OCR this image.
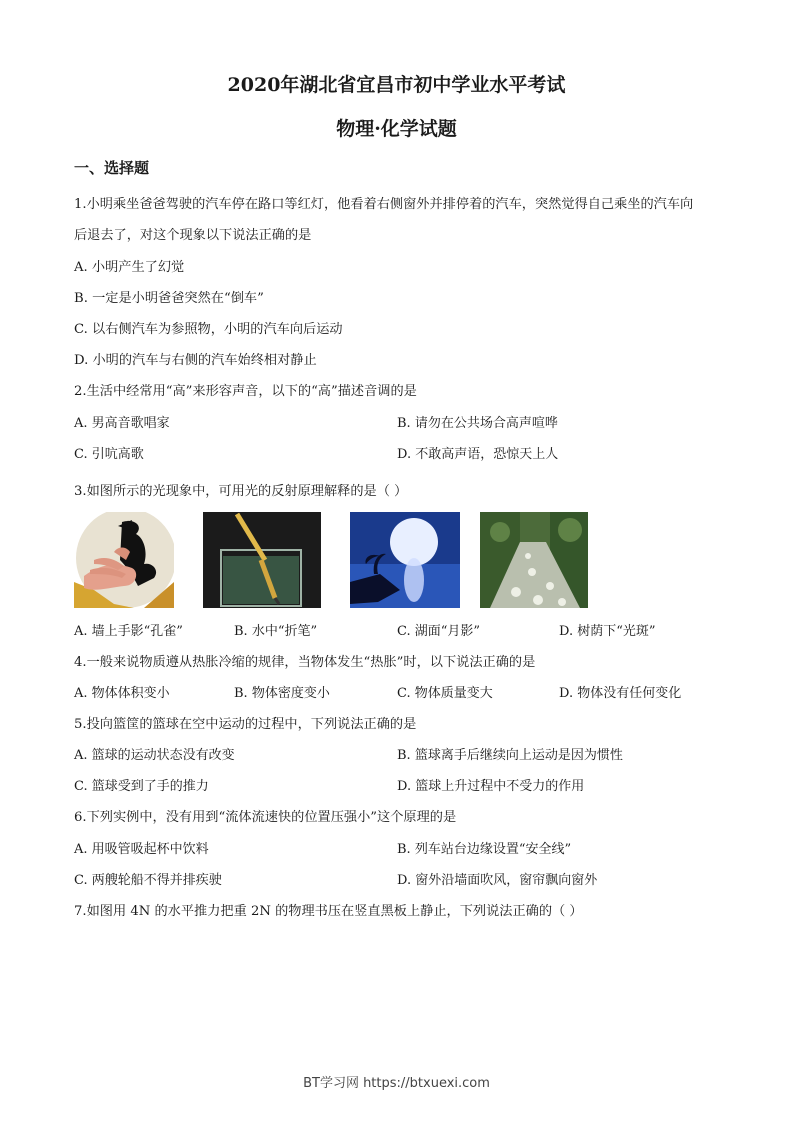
2020年湖北省宜昌市初中学业水平考试
物理·化学试题
一、选择题
1.小明乘坐爸爸驾驶的汽车停在路口等红灯，他看着右侧窗外并排停着的汽车，突然觉得自己乘坐的汽车向
后退去了，对这个现象以下说法正确的是
A. 小明产生了幻觉
B. 一定是小明爸爸突然在“倒车”
C. 以右侧汽车为参照物，小明的汽车向后运动
D. 小明的汽车与右侧的汽车始终相对静止
2.生活中经常用“高”来形容声音，以下的“高”描述音调的是
A. 男高音歌唱家	B. 请勿在公共场合高声喧哗
C. 引吭高歌	D. 不敢高声语，恐惊天上人
3.如图所示的光现象中，可用光的反射原理解释的是（ ）
A. 墙上手影“孔雀”	B. 水中“折笔”	C. 湖面“月影”	D. 树荫下“光斑”
4.一般来说物质遵从热胀冷缩的规律，当物体发生“热胀”时，以下说法正确的是
A. 物体体积变小	B. 物体密度变小	C. 物体质量变大	D. 物体没有任何变化
5.投向篮筐的篮球在空中运动的过程中，下列说法正确的是
A. 篮球的运动状态没有改变	B. 篮球离手后继续向上运动是因为惯性
C. 篮球受到了手的推力	D. 篮球上升过程中不受力的作用
6.下列实例中，没有用到“流体流速快的位置压强小”这个原理的是
A. 用吸管吸起杯中饮料	B. 列车站台边缘设置“安全线”
C. 两艘轮船不得并排疾驶	D. 窗外沿墙面吹风，窗帘飘向窗外
7.如图用 4N 的水平推力把重 2N 的物理书压在竖直黑板上静止，下列说法正确的（ ）
BT学习网 https://btxuexi.com
